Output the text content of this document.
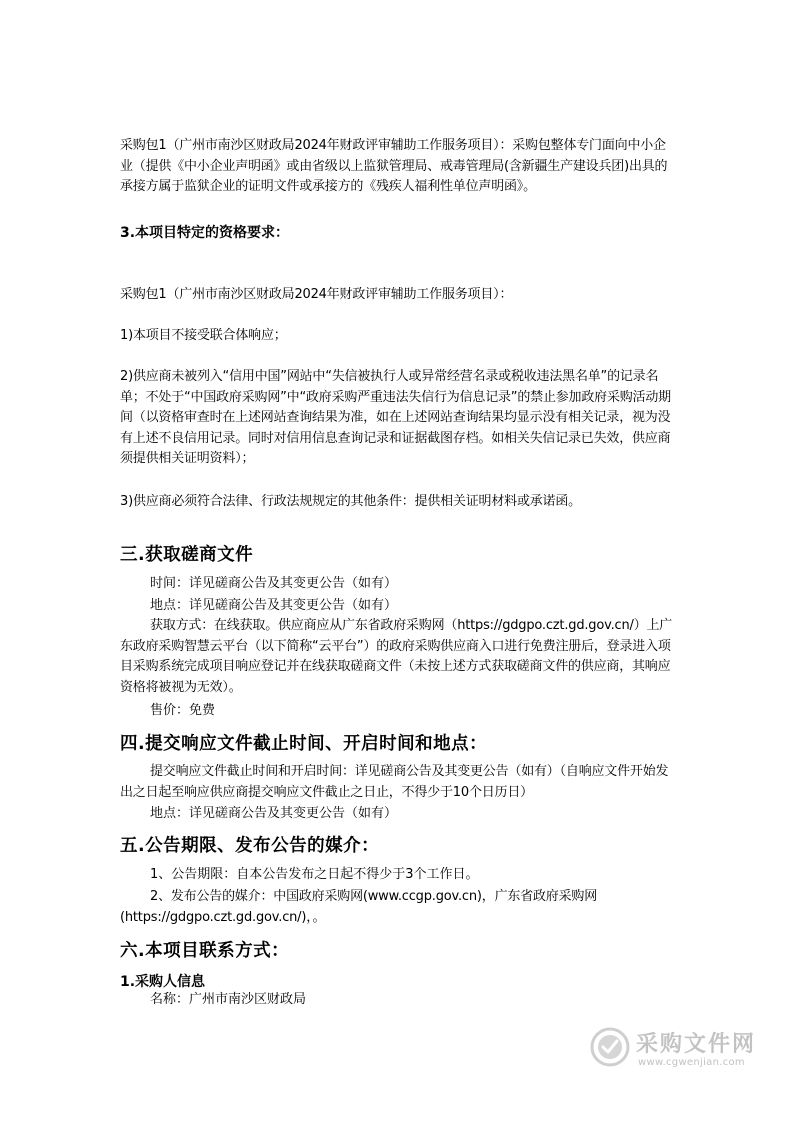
采购包1（广州市南沙区财政局2024年财政评审辅助工作服务项目）：采购包整体专门面向中小企业（提供《中小企业声明函》或由省级以上监狱管理局、戒毒管理局(含新疆生产建设兵团)出具的承接方属于监狱企业的证明文件或承接方的《残疾人福利性单位声明函》。

3.本项目特定的资格要求：

采购包1（广州市南沙区财政局2024年财政评审辅助工作服务项目）：

1)本项目不接受联合体响应；

2)供应商未被列入“信用中国”网站中“失信被执行人或异常经营名录或税收违法黑名单”的记录名单；不处于“中国政府采购网”中“政府采购严重违法失信行为信息记录”的禁止参加政府采购活动期间（以资格审查时在上述网站查询结果为准，如在上述网站查询结果均显示没有相关记录，视为没有上述不良信用记录。同时对信用信息查询记录和证据截图存档。如相关失信记录已失效，供应商须提供相关证明资料）；

3)供应商必须符合法律、行政法规规定的其他条件：提供相关证明材料或承诺函。

三.获取磋商文件

时间：详见磋商公告及其变更公告（如有）

地点：详见磋商公告及其变更公告（如有）

获取方式：在线获取。供应商应从广东省政府采购网（https://gdgpo.czt.gd.gov.cn/）上广东政府采购智慧云平台（以下简称“云平台”）的政府采购供应商入口进行免费注册后，登录进入项目采购系统完成项目响应登记并在线获取磋商文件（未按上述方式获取磋商文件的供应商，其响应资格将被视为无效）。

售价：免费

四.提交响应文件截止时间、开启时间和地点：

提交响应文件截止时间和开启时间：详见磋商公告及其变更公告（如有）（自响应文件开始发出之日起至响应供应商提交响应文件截止之日止，不得少于10个日历日）

地点：详见磋商公告及其变更公告（如有）

五.公告期限、发布公告的媒介：

1、公告期限：自本公告发布之日起不得少于3个工作日。

2、发布公告的媒介：中国政府采购网(www.ccgp.gov.cn)，广东省政府采购网(https://gdgpo.czt.gd.gov.cn/)，。

六.本项目联系方式：

1.采购人信息

名称：广州市南沙区财政局

采购文件网
www.cgwenjian.com
